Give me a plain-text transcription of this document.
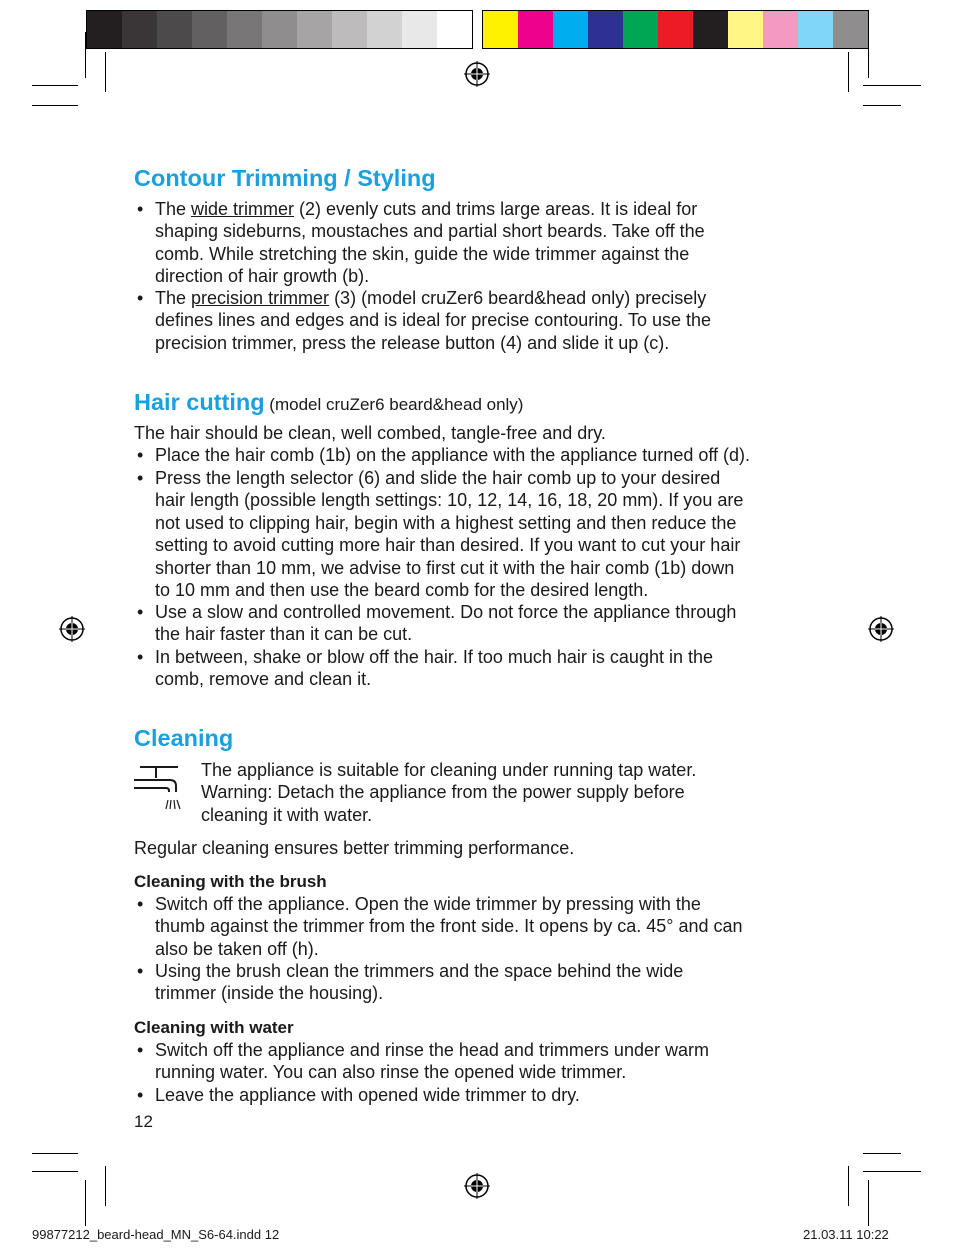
Contour Trimming / Styling
• The wide trimmer (2) evenly cuts and trims large areas. It is ideal for
shaping sideburns, moustaches and partial short beards. Take off the
comb. While stretching the skin, guide the wide trimmer against the
direction of hair growth (b).
• The precision trimmer (3) (model cruZer6 beard&head only) precisely
defines lines and edges and is ideal for precise contouring. To use the
precision trimmer, press the release button (4) and slide it up (c).
Hair cutting (model cruZer6 beard&head only)

The hair should be clean, well combed, tangle-free and dry.

• Place the hair comb (1b) on the appliance with the appliance turned off (d).
• Press the length selector (6) and slide the hair comb up to your desired
hair length (possible length settings: 10, 12, 14, 16, 18, 20 mm). If you are
not used to clipping hair, begin with a highest setting and then reduce the
setting to avoid cutting more hair than desired. If you want to cut your hair
shorter than 10 mm, we advise to first cut it with the hair comb (1b) down
to 10 mm and then use the beard comb for the desired length.
• Use a slow and controlled movement. Do not force the appliance through
the hair faster than it can be cut.
• In between, shake or blow off the hair. If too much hair is caught in the
comb, remove and clean it.
Cleaning
The appliance is suitable for cleaning under running tap water.
Warning: Detach the appliance from the power supply before
cleaning it with water.

Regular cleaning ensures better trimming performance.

Cleaning with the brush

• Switch off the appliance. Open the wide trimmer by pressing with the
thumb against the trimmer from the front side. It opens by ca. 45° and can
also be taken off (h).
• Using the brush clean the trimmers and the space behind the wide
trimmer (inside the housing).

Cleaning with water

• Switch off the appliance and rinse the head and trimmers under warm
running water. You can also rinse the opened wide trimmer.
• Leave the appliance with opened wide trimmer to dry.

12

99877212_beard-head_MN_S6-64.indd 12	21.03.11 10:22
